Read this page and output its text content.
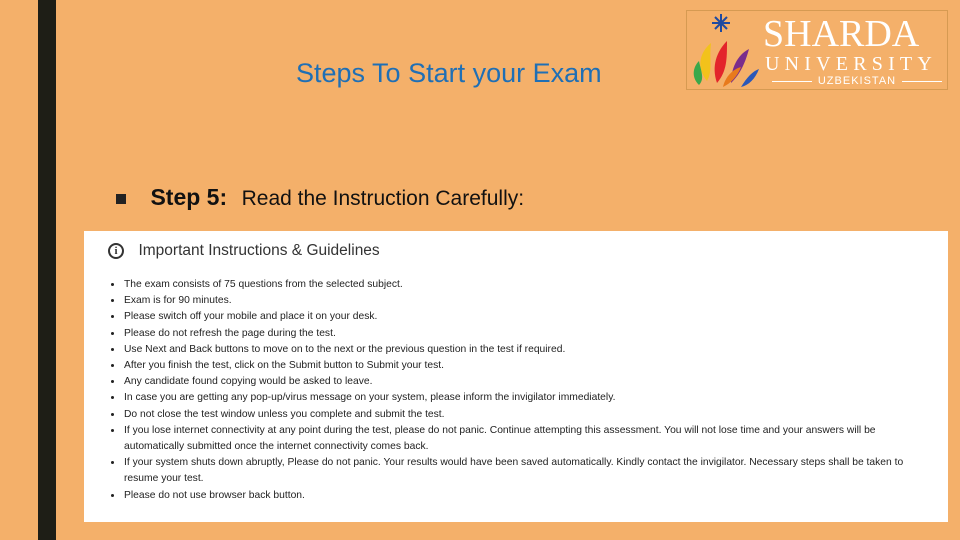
Steps To Start your Exam
SHARDA
UNIVERSITY
UZBEKISTAN
Step 5: Read the Instruction Carefully:
i Important Instructions & Guidelines
The exam consists of 75 questions from the selected subject.
Exam is for 90 minutes.
Please switch off your mobile and place it on your desk.
Please do not refresh the page during the test.
Use Next and Back buttons to move on to the next or the previous question in the test if required.
After you finish the test, click on the Submit button to Submit your test.
Any candidate found copying would be asked to leave.
In case you are getting any pop-up/virus message on your system, please inform the invigilator immediately.
Do not close the test window unless you complete and submit the test.
If you lose internet connectivity at any point during the test, please do not panic. Continue attempting this assessment. You will not lose time and your answers will be automatically submitted once the internet connectivity comes back.
If your system shuts down abruptly, Please do not panic. Your results would have been saved automatically. Kindly contact the invigilator. Necessary steps shall be taken to resume your test.
Please do not use browser back button.
